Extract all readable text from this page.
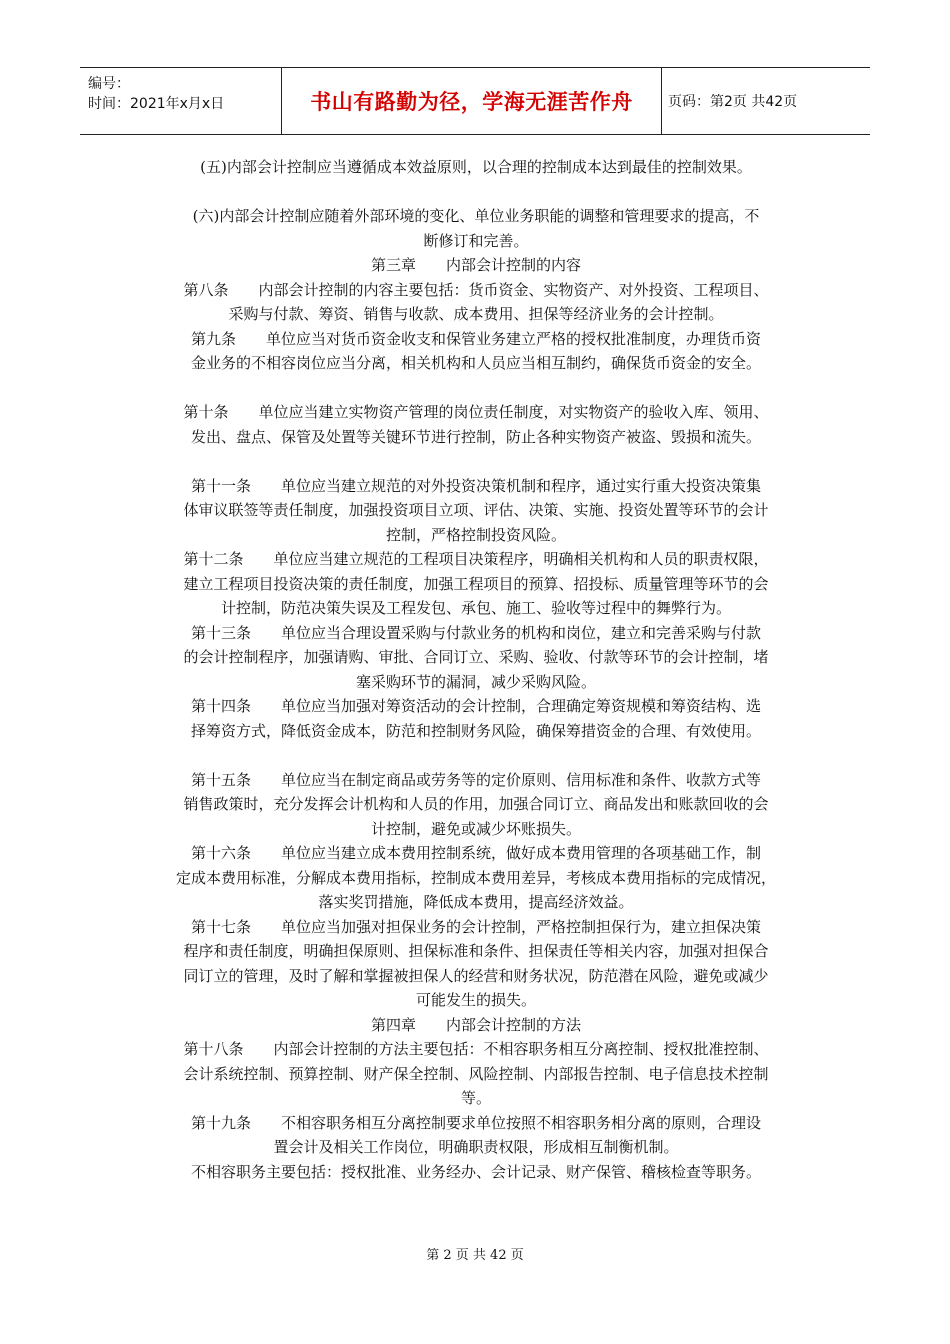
编号：
时间：2021年x月x日	书山有路勤为径，学海无涯苦作舟	页码：第2页 共42页
(五)内部会计控制应当遵循成本效益原则，以合理的控制成本达到最佳的控制效果。
(六)内部会计控制应随着外部环境的变化、单位业务职能的调整和管理要求的提高，不
断修订和完善。
第三章　　内部会计控制的内容
第八条　　内部会计控制的内容主要包括：货币资金、实物资产、对外投资、工程项目、
采购与付款、筹资、销售与收款、成本费用、担保等经济业务的会计控制。
第九条　　单位应当对货币资金收支和保管业务建立严格的授权批准制度，办理货币资
金业务的不相容岗位应当分离，相关机构和人员应当相互制约，确保货币资金的安全。
第十条　　单位应当建立实物资产管理的岗位责任制度，对实物资产的验收入库、领用、
发出、盘点、保管及处置等关键环节进行控制，防止各种实物资产被盗、毁损和流失。
第十一条　　单位应当建立规范的对外投资决策机制和程序，通过实行重大投资决策集
体审议联签等责任制度，加强投资项目立项、评估、决策、实施、投资处置等环节的会计
控制，严格控制投资风险。
第十二条　　单位应当建立规范的工程项目决策程序，明确相关机构和人员的职责权限，
建立工程项目投资决策的责任制度，加强工程项目的预算、招投标、质量管理等环节的会
计控制，防范决策失误及工程发包、承包、施工、验收等过程中的舞弊行为。
第十三条　　单位应当合理设置采购与付款业务的机构和岗位，建立和完善采购与付款
的会计控制程序，加强请购、审批、合同订立、采购、验收、付款等环节的会计控制，堵
塞采购环节的漏洞，减少采购风险。
第十四条　　单位应当加强对筹资活动的会计控制，合理确定筹资规模和筹资结构、选
择筹资方式，降低资金成本，防范和控制财务风险，确保筹措资金的合理、有效使用。
第十五条　　单位应当在制定商品或劳务等的定价原则、信用标准和条件、收款方式等
销售政策时，充分发挥会计机构和人员的作用，加强合同订立、商品发出和账款回收的会
计控制，避免或减少坏账损失。
第十六条　　单位应当建立成本费用控制系统，做好成本费用管理的各项基础工作，制
定成本费用标准，分解成本费用指标，控制成本费用差异，考核成本费用指标的完成情况，
落实奖罚措施，降低成本费用，提高经济效益。
第十七条　　单位应当加强对担保业务的会计控制，严格控制担保行为，建立担保决策
程序和责任制度，明确担保原则、担保标准和条件、担保责任等相关内容，加强对担保合
同订立的管理，及时了解和掌握被担保人的经营和财务状况，防范潜在风险，避免或减少
可能发生的损失。
第四章　　内部会计控制的方法
第十八条　　内部会计控制的方法主要包括：不相容职务相互分离控制、授权批准控制、
会计系统控制、预算控制、财产保全控制、风险控制、内部报告控制、电子信息技术控制
等。
第十九条　　不相容职务相互分离控制要求单位按照不相容职务相分离的原则，合理设
置会计及相关工作岗位，明确职责权限，形成相互制衡机制。
不相容职务主要包括：授权批准、业务经办、会计记录、财产保管、稽核检查等职务。
第 2 页 共 42 页
